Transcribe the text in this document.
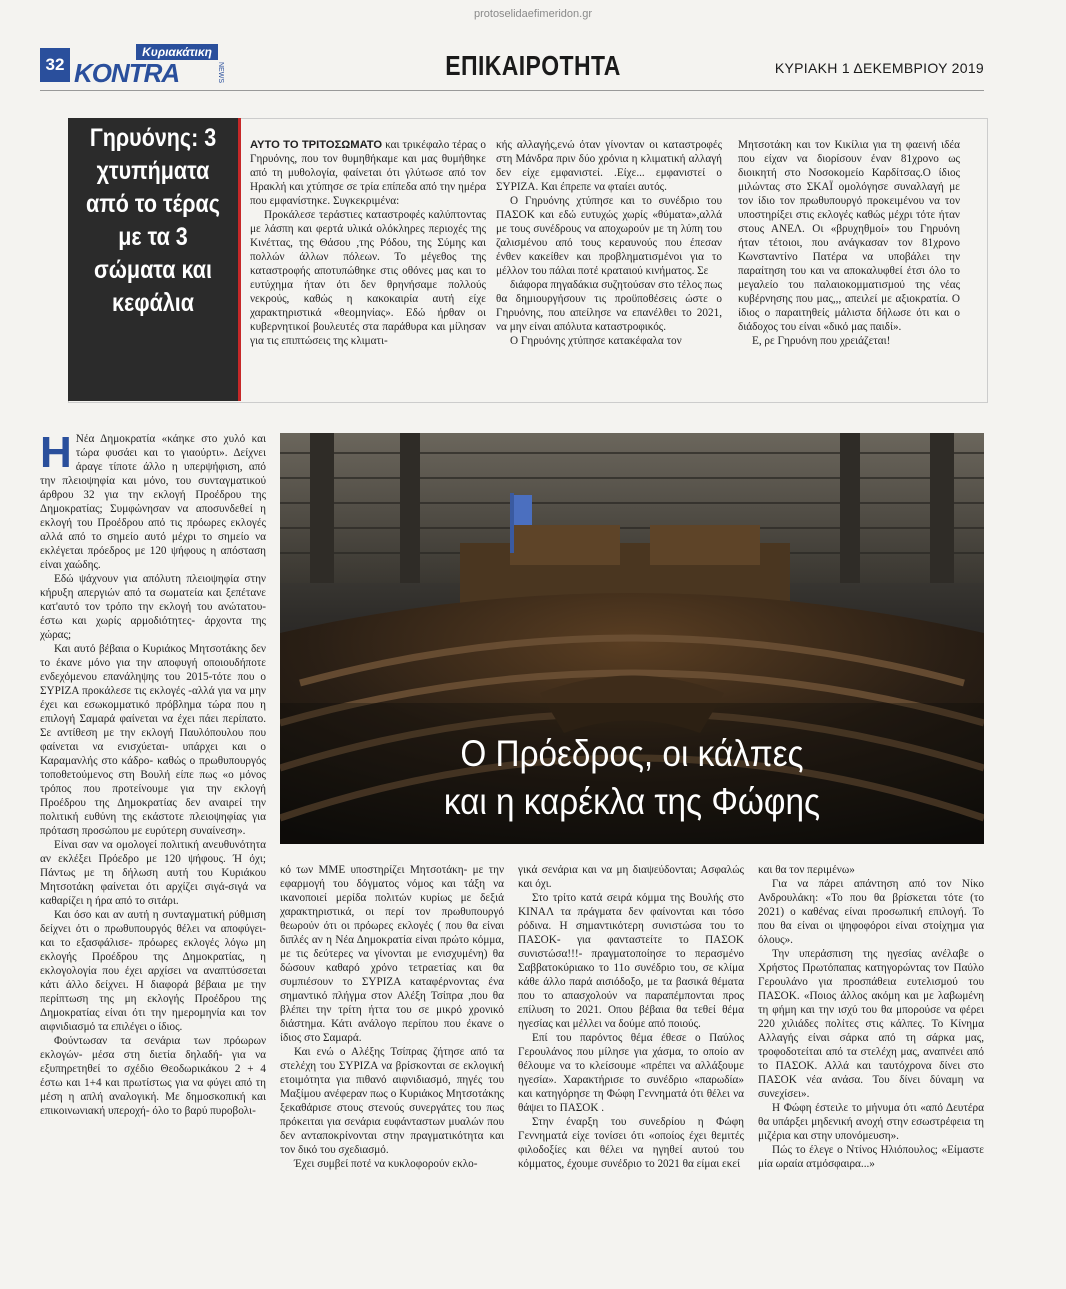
protoselidaefimeridon.gr
32
Κυριακάτικη
KONTRA	NEWS	ΕΠΙΚΑΙΡΟΤΗΤΑ	ΚΥΡΙΑΚΗ 1 ΔΕΚΕΜΒΡΙΟΥ 2019
Γηρυόνης: 3 χτυπήματα από το τέρας με τα 3 σώματα και κεφάλια

ΑΥΤΟ ΤΟ ΤΡΙΤΟΣΩΜΑΤΟ και τρικέφαλο τέρας ο Γηρυόνης, που τον θυμηθήκαμε και μας θυμήθηκε από τη μυθολογία, φαίνεται ότι γλύτωσε από τον Ηρακλή και χτύπησε σε τρία επίπεδα από την ημέρα που εμφανίστηκε. Συγκεκριμένα:

Προκάλεσε τεράστιες καταστροφές καλύπτοντας με λάσπη και φερτά υλικά ολόκληρες περιοχές της Κινέττας, της Θάσου ,της Ρόδου, της Σύμης και πολλών άλλων πόλεων. Το μέγεθος της καταστροφής αποτυπώθηκε στις οθόνες μας και το ευτύχημα ήταν ότι δεν θρηνήσαμε πολλούς νεκρούς, καθώς η κακοκαιρία αυτή είχε χαρακτηριστικά «θεομηνίας». Εδώ ήρθαν οι κυβερνητικοί βουλευτές στα παράθυρα και μίλησαν για τις επιπτώσεις της κλιματι-

κής αλλαγής,ενώ όταν γίνονταν οι καταστροφές στη Μάνδρα πριν δύο χρόνια η κλιματική αλλαγή δεν είχε εμφανιστεί. .Είχε... εμφανιστεί ο ΣΥΡΙΖΑ. Και έπρεπε να φταίει αυτός.

Ο Γηρυόνης χτύπησε και το συνέδριο του ΠΑΣΟΚ και εδώ ευτυχώς χωρίς «θύματα»,αλλά με τους συνέδρους να αποχωρούν με τη λύπη του ζαλισμένου από τους κεραυνούς που έπεσαν ένθεν κακείθεν και προβληματισμένοι για το μέλλον του πάλαι ποτέ κραταιού κινήματος. Σε

διάφορα πηγαδάκια συζητούσαν στο τέλος πως θα δημιουργήσουν τις προϋποθέσεις ώστε ο Γηρυόνης, που απείλησε να επανέλθει το 2021, να μην είναι απόλυτα καταστροφικός.

Ο Γηρυόνης χτύπησε κατακέφαλα τον

Μητσοτάκη και τον Κικίλια για τη φαεινή ιδέα που είχαν να διορίσουν έναν 81χρονο ως διοικητή στο Νοσοκομείο Καρδίτσας.Ο ίδιος μιλώντας στο ΣΚΑΪ ομολόγησε συναλλαγή με τον ίδιο τον πρωθυπουργό προκειμένου να τον υποστηρίξει στις εκλογές καθώς μέχρι τότε ήταν στους ΑΝΕΛ. Οι «βρυχηθμοί» του Γηρυόνη ήταν τέτοιοι, που ανάγκασαν τον 81χρονο Κωνσταντίνο Πατέρα να υποβάλει την παραίτηση του και να αποκαλυφθεί έτσι όλο το μεγαλείο του παλαιοκομματισμού της νέας κυβέρνησης που μας,,, απειλεί με αξιοκρατία. Ο ίδιος ο παραιτηθείς μάλιστα δήλωσε ότι και ο διάδοχος του είναι «δικό μας παιδί».

Ε, ρε Γηρυόνη που χρειάζεται!

Ο Πρόεδρος, οι κάλπες
και η καρέκλα της Φώφης

Η Νέα Δημοκρατία «κάηκε στο χυλό και τώρα φυσάει και το γιαούρτι». Δείχνει άραγε τίποτε άλλο η υπερψήφιση, από την πλειοψηφία και μόνο, του συνταγματικού άρθρου 32 για την εκλογή Προέδρου της Δημοκρατίας; Συμφώνησαν να αποσυνδεθεί η εκλογή του Προέδρου από τις πρόωρες εκλογές αλλά από το σημείο αυτό μέχρι το σημείο να εκλέγεται πρόεδρος με 120 ψήφους η απόσταση είναι χαώδης.

Εδώ ψάχνουν για απόλυτη πλειοψηφία στην κήρυξη απεργιών από τα σωματεία και ξεπέτανε κατ'αυτό τον τρόπο την εκλογή του ανώτατου- έστω και χωρίς αρμοδιότητες- άρχοντα της χώρας;

Και αυτό βέβαια ο Κυριάκος Μητσοτάκης δεν το έκανε μόνο για την αποφυγή οποιουδήποτε ενδεχόμενου επανάληψης του 2015-τότε που ο ΣΥΡΙΖΑ προκάλεσε τις εκλογές -αλλά για να μην έχει και εσωκομματικό πρόβλημα τώρα που η επιλογή Σαμαρά φαίνεται να έχει πάει περίπατο. Σε αντίθεση με την εκλογή Παυλόπουλου που φαίνεται να ενισχύεται- υπάρχει και ο Καραμανλής στο κάδρο- καθώς ο πρωθυπουργός τοποθετούμενος στη Βουλή είπε πως «ο μόνος τρόπος που προτείνουμε για την εκλογή Προέδρου της Δημοκρατίας δεν αναιρεί την πολιτική ευθύνη της εκάστοτε πλειοψηφίας για πρόταση προσώπου με ευρύτερη συναίνεση».

Είναι σαν να ομολογεί πολιτική ανευθυνότητα αν εκλέξει Πρόεδρο με 120 ψήφους. Ή όχι; Πάντως με τη δήλωση αυτή του Κυριάκου Μητσοτάκη φαίνεται ότι αρχίζει σιγά-σιγά να καθαρίζει η ήρα από το σιτάρι.

Και όσο και αν αυτή η συνταγματική ρύθμιση δείχνει ότι ο πρωθυπουργός θέλει να αποφύγει- και το εξασφάλισε- πρόωρες εκλογές λόγω μη εκλογής Προέδρου της Δημοκρατίας, η εκλογολογία που έχει αρχίσει να αναπτύσσεται κάτι άλλο δείχνει. Η διαφορά βέβαια με την περίπτωση της μη εκλογής Προέδρου της Δημοκρατίας είναι ότι την ημερομηνία και τον αιφνιδιασμό τα επιλέγει ο ίδιος.

Φούντωσαν τα σενάρια των πρόωρων εκλογών- μέσα στη διετία δηλαδή- για να εξυπηρετηθεί το σχέδιο Θεοδωρικάκου 2 + 4 έστω και 1+4 και πρωτίστως για να φύγει από τη μέση η απλή αναλογική. Με δημοσκοπική και επικοινωνιακή υπεροχή- όλο το βαρύ πυροβολι-

κό των ΜΜΕ υποστηρίζει Μητσοτάκη- με την εφαρμογή του δόγματος νόμος και τάξη να ικανοποιεί μερίδα πολιτών κυρίως με δεξιά χαρακτηριστικά, οι περί τον πρωθυπουργό θεωρούν ότι οι πρόωρες εκλογές ( που θα είναι διπλές αν η Νέα Δημοκρατία είναι πρώτο κόμμα, με τις δεύτερες να γίνονται με ενισχυμένη) θα δώσουν καθαρό χρόνο τετραετίας και θα συμπιέσουν το ΣΥΡΙΖΑ καταφέρνοντας ένα σημαντικό πλήγμα στον Αλέξη Τσίπρα ,που θα βλέπει την τρίτη ήττα του σε μικρό χρονικό διάστημα. Κάτι ανάλογο περίπου που έκανε ο ίδιος στο Σαμαρά.

Και ενώ ο Αλέξης Τσίπρας ζήτησε από τα στελέχη του ΣΥΡΙΖΑ να βρίσκονται σε εκλογική ετοιμότητα για πιθανό αιφνιδιασμό, πηγές του Μαξίμου ανέφεραν πως ο Κυριάκος Μητσοτάκης ξεκαθάρισε στους στενούς συνεργάτες του πως πρόκειται για σενάρια ευφάνταστων μυαλών που δεν ανταποκρίνονται στην πραγματικότητα και τον δικό του σχεδιασμό.

Έχει συμβεί ποτέ να κυκλοφορούν εκλο-

γικά σενάρια και να μη διαψεύδονται; Ασφαλώς και όχι.

Στο τρίτο κατά σειρά κόμμα της Βουλής στο ΚΙΝΑΛ τα πράγματα δεν φαίνονται και τόσο ρόδινα. Η σημαντικότερη συνιστώσα του το ΠΑΣΟΚ- για φανταστείτε το ΠΑΣΟΚ συνιστώσα!!!- πραγματοποίησε το περασμένο Σαββατοκύριακο το 11ο συνέδριο του, σε κλίμα κάθε άλλο παρά αισιόδοξο, με τα βασικά θέματα που το απασχολούν να παραπέμπονται προς επίλυση το 2021. Οπου βέβαια θα τεθεί θέμα ηγεσίας και μέλλει να δούμε από ποιούς.

Επί του παρόντος θέμα έθεσε ο Παύλος Γερουλάνος που μίλησε για χάσμα, το οποίο αν θέλουμε να το κλείσουμε «πρέπει να αλλάξουμε ηγεσία». Χαρακτήρισε το συνέδριο «παρωδία» και κατηγόρησε τη Φώφη Γεννηματά ότι θέλει να θάψει το ΠΑΣΟΚ .

Στην έναρξη του συνεδρίου η Φώφη Γεννηματά είχε τονίσει ότι «οποίος έχει θεμιτές φιλοδοξίες και θέλει να ηγηθεί αυτού του κόμματος, έχουμε συνέδριο το 2021 θα είμαι εκεί

και θα τον περιμένω»

Για να πάρει απάντηση από τον Νίκο Ανδρουλάκη: «Το που θα βρίσκεται τότε (το 2021) ο καθένας είναι προσωπική επιλογή. Το που θα είναι οι ψηφοφόροι είναι στοίχημα για όλους».

Την υπεράσπιση της ηγεσίας ανέλαβε ο Χρήστος Πρωτόπαπας κατηγορώντας τον Παύλο Γερουλάνο για προσπάθεια ευτελισμού του ΠΑΣΟΚ. «Ποιος άλλος ακόμη και με λαβωμένη τη φήμη και την ισχύ του θα μπορούσε να φέρει 220 χιλιάδες πολίτες στις κάλπες. Το Κίνημα Αλλαγής είναι σάρκα από τη σάρκα μας, τροφοδοτείται από τα στελέχη μας, αναπνέει από το ΠΑΣΟΚ. Αλλά και ταυτόχρονα δίνει στο ΠΑΣΟΚ νέα ανάσα. Του δίνει δύναμη να συνεχίσει».

Η Φώφη έστειλε το μήνυμα ότι «από Δευτέρα θα υπάρξει μηδενική ανοχή στην εσωστρέφεια τη μιζέρια και στην υπονόμευση».

Πώς το έλεγε ο Ντίνος Ηλιόπουλος; «Είμαστε μία ωραία ατμόσφαιρα...»
